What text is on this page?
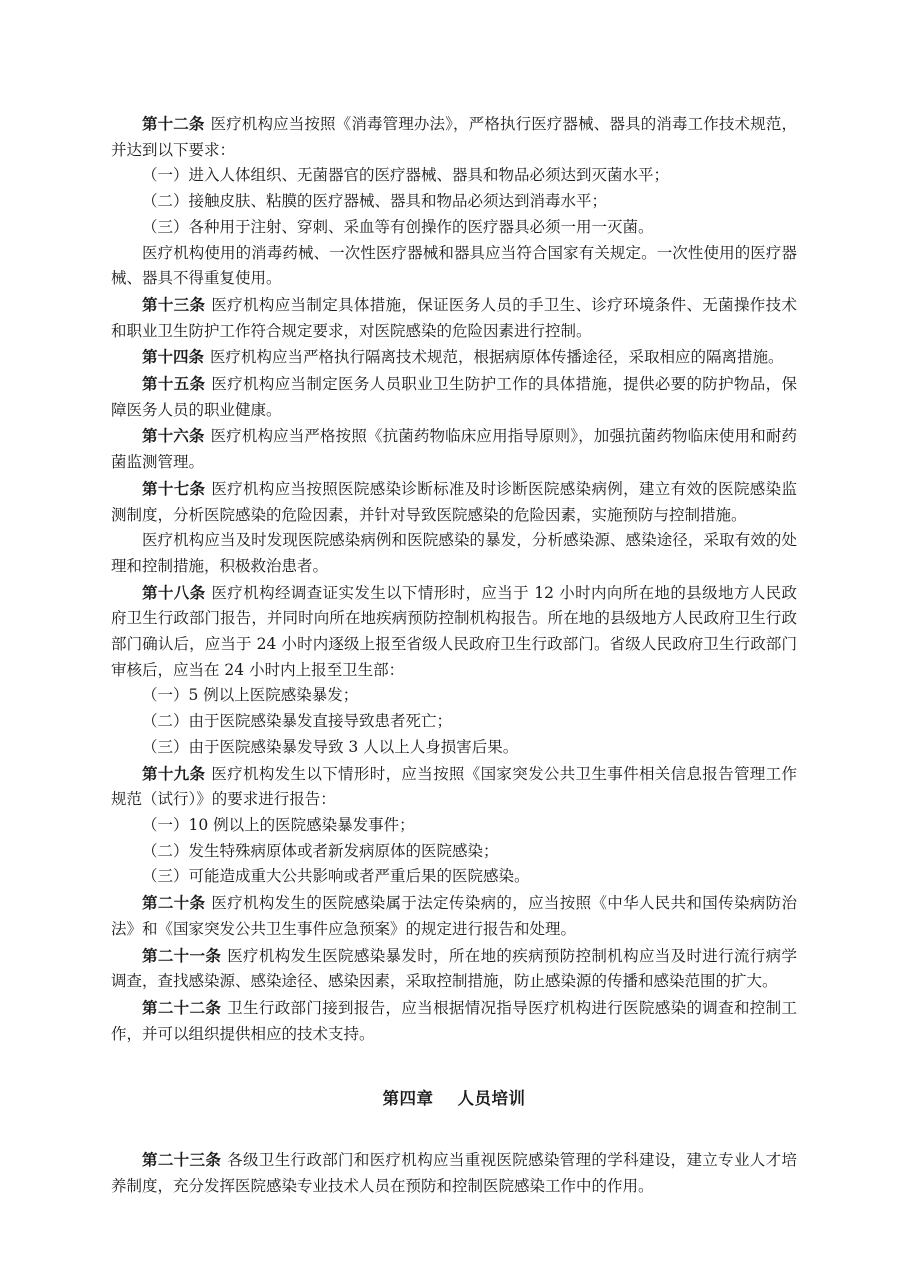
第十二条 医疗机构应当按照《消毒管理办法》，严格执行医疗器械、器具的消毒工作技术规范，并达到以下要求：

（一）进入人体组织、无菌器官的医疗器械、器具和物品必须达到灭菌水平；

（二）接触皮肤、粘膜的医疗器械、器具和物品必须达到消毒水平；

（三）各种用于注射、穿刺、采血等有创操作的医疗器具必须一用一灭菌。

医疗机构使用的消毒药械、一次性医疗器械和器具应当符合国家有关规定。一次性使用的医疗器械、器具不得重复使用。

第十三条 医疗机构应当制定具体措施，保证医务人员的手卫生、诊疗环境条件、无菌操作技术和职业卫生防护工作符合规定要求，对医院感染的危险因素进行控制。

第十四条 医疗机构应当严格执行隔离技术规范，根据病原体传播途径，采取相应的隔离措施。

第十五条 医疗机构应当制定医务人员职业卫生防护工作的具体措施，提供必要的防护物品，保障医务人员的职业健康。

第十六条 医疗机构应当严格按照《抗菌药物临床应用指导原则》，加强抗菌药物临床使用和耐药菌监测管理。

第十七条 医疗机构应当按照医院感染诊断标准及时诊断医院感染病例，建立有效的医院感染监测制度，分析医院感染的危险因素，并针对导致医院感染的危险因素，实施预防与控制措施。

医疗机构应当及时发现医院感染病例和医院感染的暴发，分析感染源、感染途径，采取有效的处理和控制措施，积极救治患者。

第十八条 医疗机构经调查证实发生以下情形时，应当于 12 小时内向所在地的县级地方人民政府卫生行政部门报告，并同时向所在地疾病预防控制机构报告。所在地的县级地方人民政府卫生行政部门确认后，应当于 24 小时内逐级上报至省级人民政府卫生行政部门。省级人民政府卫生行政部门审核后，应当在 24 小时内上报至卫生部：

（一）5 例以上医院感染暴发；

（二）由于医院感染暴发直接导致患者死亡；

（三）由于医院感染暴发导致 3 人以上人身损害后果。

第十九条 医疗机构发生以下情形时，应当按照《国家突发公共卫生事件相关信息报告管理工作规范（试行）》的要求进行报告：

（一）10 例以上的医院感染暴发事件；

（二）发生特殊病原体或者新发病原体的医院感染；

（三）可能造成重大公共影响或者严重后果的医院感染。

第二十条 医疗机构发生的医院感染属于法定传染病的，应当按照《中华人民共和国传染病防治法》和《国家突发公共卫生事件应急预案》的规定进行报告和处理。

第二十一条 医疗机构发生医院感染暴发时，所在地的疾病预防控制机构应当及时进行流行病学调查，查找感染源、感染途径、感染因素，采取控制措施，防止感染源的传播和感染范围的扩大。

第二十二条 卫生行政部门接到报告，应当根据情况指导医疗机构进行医院感染的调查和控制工作，并可以组织提供相应的技术支持。

第四章 人员培训

第二十三条 各级卫生行政部门和医疗机构应当重视医院感染管理的学科建设，建立专业人才培养制度，充分发挥医院感染专业技术人员在预防和控制医院感染工作中的作用。
